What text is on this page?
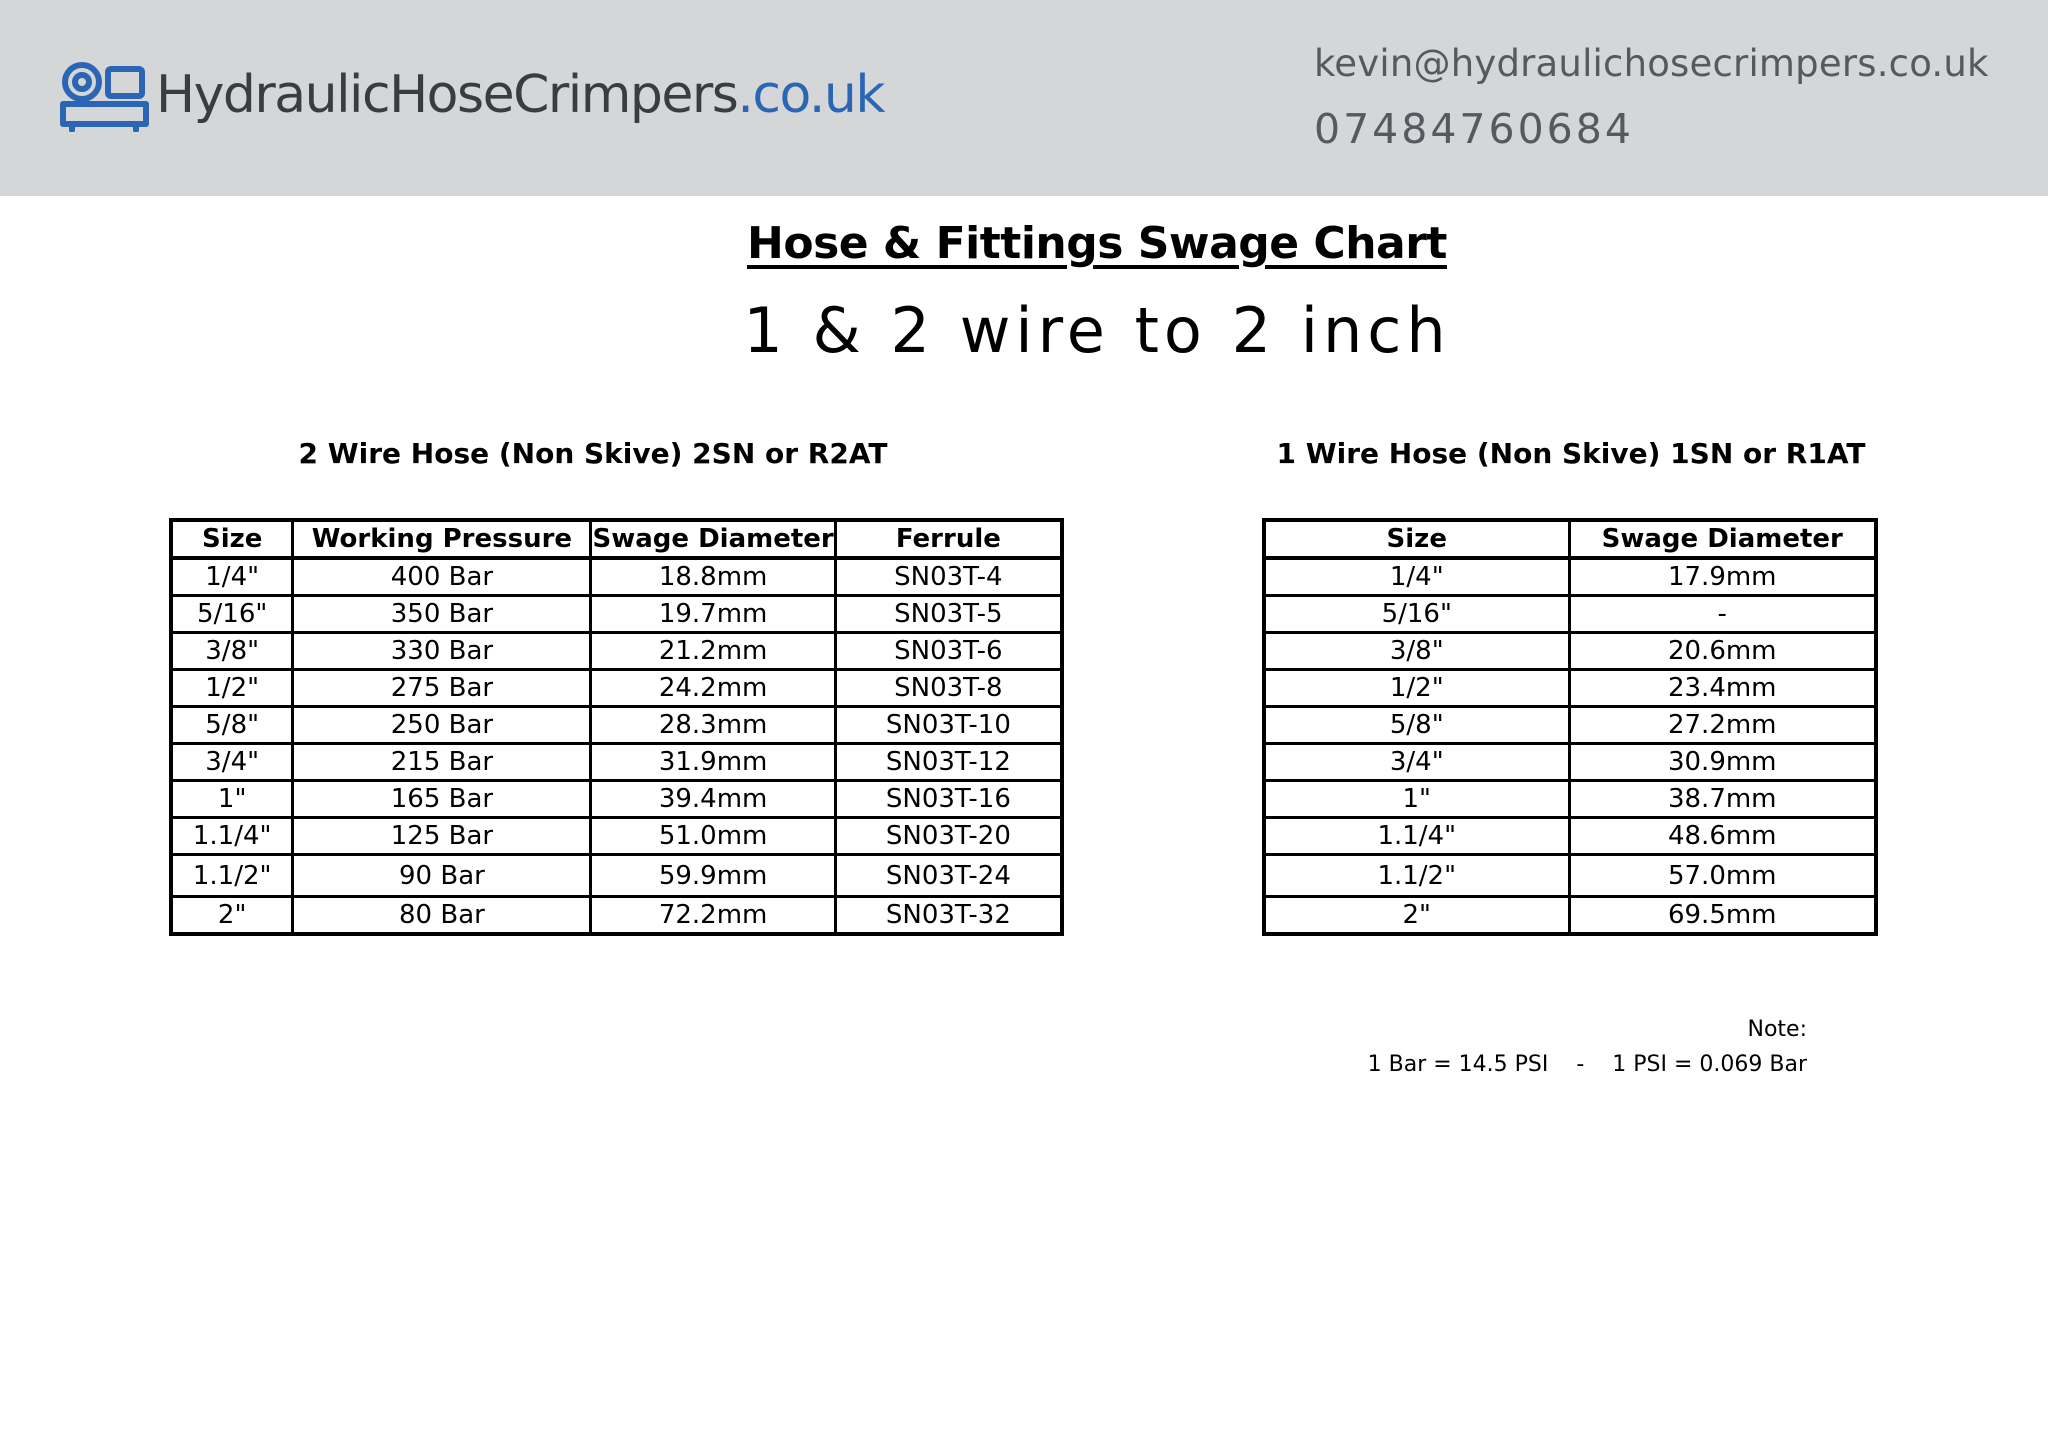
HydraulicHoseCrimpers.co.uk
kevin@hydraulichosecrimpers.co.uk
07484760684
Hose & Fittings Swage Chart
1 & 2 wire to 2 inch
2 Wire Hose (Non Skive) 2SN or R2AT	1 Wire Hose (Non Skive) 1SN or R1AT
Size	Working Pressure	Swage Diameter	Ferrule
1/4"	400 Bar	18.8mm	SN03T-4
5/16"	350 Bar	19.7mm	SN03T-5
3/8"	330 Bar	21.2mm	SN03T-6
1/2"	275 Bar	24.2mm	SN03T-8
5/8"	250 Bar	28.3mm	SN03T-10
3/4"	215 Bar	31.9mm	SN03T-12
1"	165 Bar	39.4mm	SN03T-16
1.1/4"	125 Bar	51.0mm	SN03T-20
1.1/2"	90 Bar	59.9mm	SN03T-24
2"	80 Bar	72.2mm	SN03T-32
Size	Swage Diameter
1/4"	17.9mm
5/16"	-
3/8"	20.6mm
1/2"	23.4mm
5/8"	27.2mm
3/4"	30.9mm
1"	38.7mm
1.1/4"	48.6mm
1.1/2"	57.0mm
2"	69.5mm
Note:
1 Bar = 14.5 PSI    -    1 PSI = 0.069 Bar
